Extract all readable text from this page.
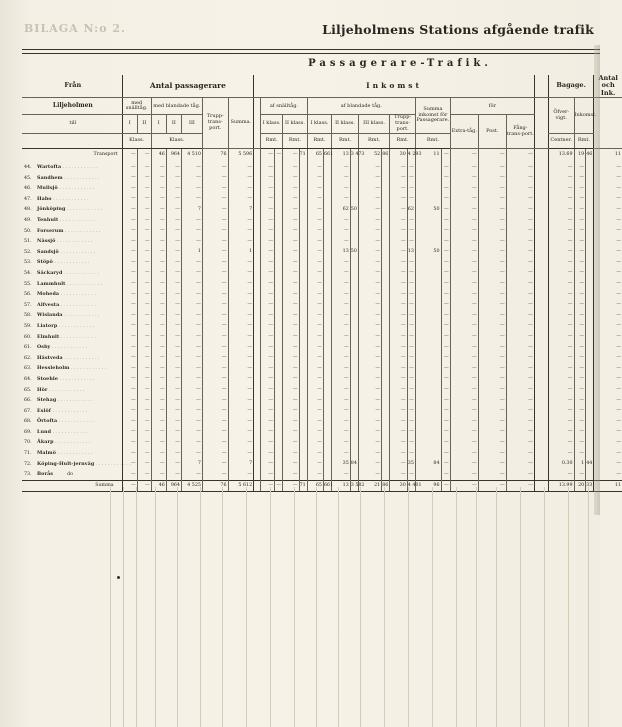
BILAGA N:o 2.	Liljeholmens Stations afgående trafik
Passagerare-Trafik.
Från	Antal passagerare							Inkomst																			Bagage.			Antal och Ink.
Liljeholmen	med snälltåg.		med blandade tåg.			Trupp-trans-port.	Summa.		af snälltåg.				af blandade tåg.								Summa inkomst för Passagerare.		för				Öfver-vigt.	Inkomst.		
till	I	II	I	II	III				I klass.		II klass.		I klass.		II klass.		III klass.		Trupp-trans-port.				Extra-tåg.	Post.	Fång-trans-port.					
	Klass.		Klass.						Rmt.		Rmt.		Rmt.		Rmt.		Rmt.		Rmt.		Rmt.						Centner.	Rmt.		
Transport	—	—	46	964	4 510	76	5 596		—	—	—	71	65	661	13	3 473	52	86	30	4 293	11	—	—	—	—		13.69	19	46	11
44. Wartofta . . . . . . . . . . . .	—	—	—	—	—	—	—		—		—		—		—		—		—	—		—	—	—	—		—	—		—
45. Sandhem . . . . . . . . . . . .	—	—	—	—	—	—	—		—		—		—		—		—		—	—		—	—	—	—		—	—		—
46. Mullsjö . . . . . . . . . . . .	—	—	—	—	—	—	—		—		—		—		—		—		—	—		—	—	—	—		—	—		—
47. Habo . . . . . . . . . . . .	—	—	—	—	—	—	—		—		—		—		—		—		—	—		—	—	—	—		—	—		—
48. Jönköping . . . . . . . . . . . .	—	—	—	—	7	—	7		—		—		—		62	50	—		—	62	50	—	—	—	—		—	—		—
49. Tenhult . . . . . . . . . . . .	—	—	—	—	—	—	—		—		—		—		—		—		—	—		—	—	—	—		—	—		—
50. Forserum . . . . . . . . . . . .	—	—	—	—	—	—	—		—		—		—		—		—		—	—		—	—	—	—		—	—		—
51. Nässjö . . . . . . . . . . . .	—	—	—	—	—	—	—		—		—		—		—		—		—	—		—	—	—	—		—	—		—
52. Sandsjö . . . . . . . . . . . .	—	—	—	—	1	—	1		—		—		—		13	50	—		—	13	50	—	—	—	—		—	—		—
53. Stöpö . . . . . . . . . . . .	—	—	—	—	—	—	—		—		—		—		—		—		—	—		—	—	—	—		—	—		—
54. Säckaryd . . . . . . . . . . . .	—	—	—	—	—	—	—		—		—		—		—		—		—	—		—	—	—	—		—	—		—
55. Lammhult . . . . . . . . . . . .	—	—	—	—	—	—	—		—		—		—		—		—		—	—		—	—	—	—		—	—		—
56. Moheda . . . . . . . . . . . .	—	—	—	—	—	—	—		—		—		—		—		—		—	—		—	—	—	—		—	—		—
57. Alfvesta . . . . . . . . . . . .	—	—	—	—	—	—	—		—		—		—		—		—		—	—		—	—	—	—		—	—		—
58. Wislanda . . . . . . . . . . . .	—	—	—	—	—	—	—		—		—		—		—		—		—	—		—	—	—	—		—	—		—
59. Liatorp . . . . . . . . . . . .	—	—	—	—	—	—	—		—		—		—		—		—		—	—		—	—	—	—		—	—		—
60. Elmhult . . . . . . . . . . . .	—	—	—	—	—	—	—		—		—		—		—		—		—	—		—	—	—	—		—	—		—
61. Osby . . . . . . . . . . . .	—	—	—	—	—	—	—		—		—		—		—		—		—	—		—	—	—	—		—	—		—
62. Hästveda . . . . . . . . . . . .	—	—	—	—	—	—	—		—		—		—		—		—		—	—		—	—	—	—		—	—		—
63. Hessleholm . . . . . . . . . . . .	—	—	—	—	—	—	—		—		—		—		—		—		—	—		—	—	—	—		—	—		—
64. Stoehle . . . . . . . . . . . .	—	—	—	—	—	—	—		—		—		—		—		—		—	—		—	—	—	—		—	—		—
65. Hör . . . . . . . . . . . .	—	—	—	—	—	—	—		—		—		—		—		—		—	—		—	—	—	—		—	—		—
66. Stehag . . . . . . . . . . . .	—	—	—	—	—	—	—		—		—		—		—		—		—	—		—	—	—	—		—	—		—
67. Eslöf . . . . . . . . . . . .	—	—	—	—	—	—	—		—		—		—		—		—		—	—		—	—	—	—		—	—		—
68. Örtofta . . . . . . . . . . . .	—	—	—	—	—	—	—		—		—		—		—		—		—	—		—	—	—	—		—	—		—
69. Lund . . . . . . . . . . . .	—	—	—	—	—	—	—		—		—		—		—		—		—	—		—	—	—	—		—	—		—
70. Åkarp . . . . . . . . . . . .	—	—	—	—	—	—	—		—		—		—		—		—		—	—		—	—	—	—		—	—		—
71. Malmö . . . . . . . . . . . .	—	—	—	—	—	—	—		—		—		—		—		—		—	—		—	—	—	—		—	—		—
72. Köping-Hult-jernväg . . . . . . . . . . . .	—	—	—	—	7	—	7		—		—		—		35	84	—		—	35	84	—	—	—	—		0.30	1	44	—
73. Borås do	—	—	—	—	—	—	—		—		—		—		—		—		—	—		—	—	—	—		—	—		—
Summa	—	—	46	964	4 525	76	5 612		—	—	—	71	65	661	13	3 582	21	86	30	4 401	96	—	—	—	—		13.99	20	33	11
